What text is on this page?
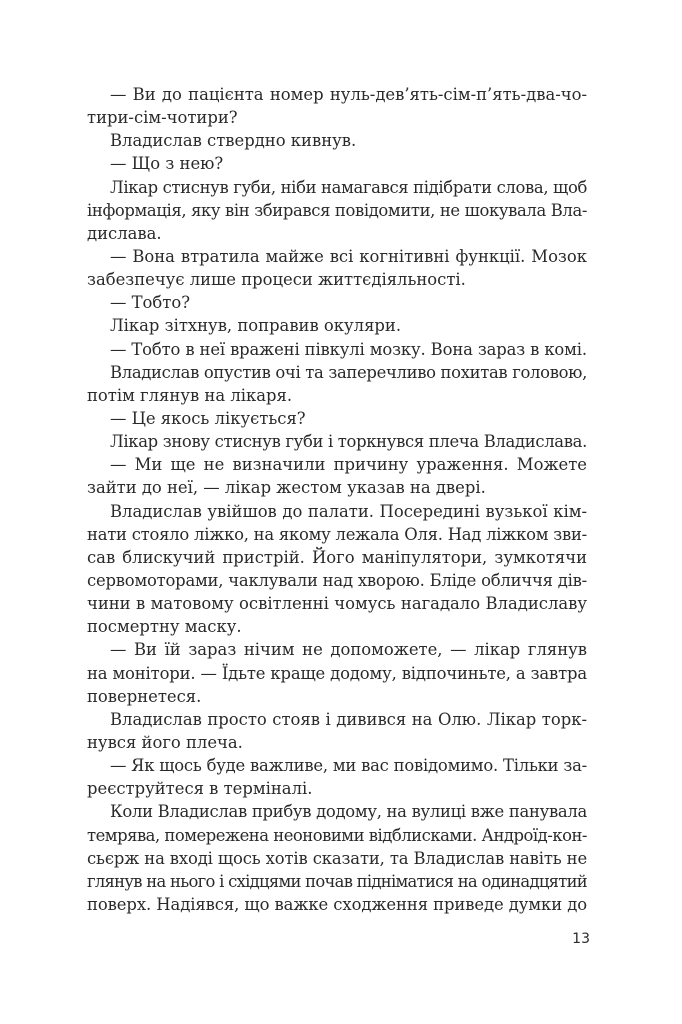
— Ви до пацієнта номер нуль-дев’ять-сім-п’ять-два-чо-
тири-сім-чотири?
Владислав ствердно кивнув.
— Що з нею?
Лікар стиснув губи, ніби намагався підібрати слова, щоб
інформація, яку він збирався повідомити, не шокувала Вла-
дислава.
— Вона втратила майже всі когнітивні функції. Мозок
забезпечує лише процеси життєдіяльності.
— Тобто?
Лікар зітхнув, поправив окуляри.
— Тобто в неї вражені півкулі мозку. Вона зараз в комі.
Владислав опустив очі та заперечливо похитав головою,
потім глянув на лікаря.
— Це якось лікується?
Лікар знову стиснув губи і торкнувся плеча Владислава.
— Ми ще не визначили причину ураження. Можете
зайти до неї, — лікар жестом указав на двері.
Владислав увійшов до палати. Посередині вузької кім-
нати стояло ліжко, на якому лежала Оля. Над ліжком зви-
сав блискучий пристрій. Його маніпулятори, зумкотячи
сервомоторами, чаклували над хворою. Бліде обличчя дів-
чини в матовому освітленні чомусь нагадало Владиславу
посмертну маску.
— Ви їй зараз нічим не допоможете, — лікар глянув
на монітори. — Їдьте краще додому, відпочиньте, а завтра
повернетеся.
Владислав просто стояв і дивився на Олю. Лікар торк-
нувся його плеча.
— Як щось буде важливе, ми вас повідомимо. Тільки за-
реєструйтеся в терміналі.
Коли Владислав прибув додому, на вулиці вже панувала
темрява, помережена неоновими відблисками. Андроїд-кон-
сьєрж на вході щось хотів сказати, та Владислав навіть не
глянув на нього і східцями почав підніматися на одинадцятий
поверх. Надіявся, що важке сходження приведе думки до
13
